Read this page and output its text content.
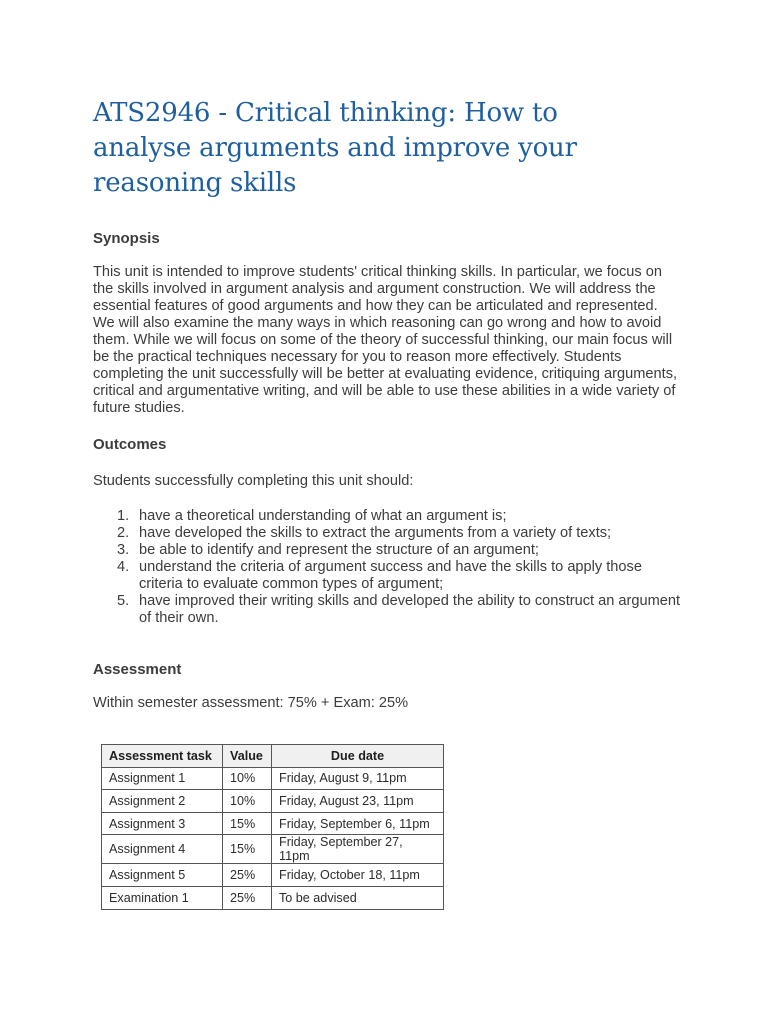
ATS2946 - Critical thinking: How to analyse arguments and improve your reasoning skills
Synopsis

This unit is intended to improve students' critical thinking skills. In particular, we focus on the skills involved in argument analysis and argument construction. We will address the essential features of good arguments and how they can be articulated and represented. We will also examine the many ways in which reasoning can go wrong and how to avoid them. While we will focus on some of the theory of successful thinking, our main focus will be the practical techniques necessary for you to reason more effectively. Students completing the unit successfully will be better at evaluating evidence, critiquing arguments, critical and argumentative writing, and will be able to use these abilities in a wide variety of future studies.

Outcomes

Students successfully completing this unit should:

1. have a theoretical understanding of what an argument is;
2. have developed the skills to extract the arguments from a variety of texts;
3. be able to identify and represent the structure of an argument;
4. understand the criteria of argument success and have the skills to apply those criteria to evaluate common types of argument;
5. have improved their writing skills and developed the ability to construct an argument of their own.
Assessment

Within semester assessment: 75% + Exam: 25%

Assessment task	Value	Due date
Assignment 1	10%	Friday, August 9, 11pm
Assignment 2	10%	Friday, August 23, 11pm
Assignment 3	15%	Friday, September 6, 11pm
Assignment 4	15%	Friday, September 27, 11pm
Assignment 5	25%	Friday, October 18, 11pm
Examination 1	25%	To be advised
